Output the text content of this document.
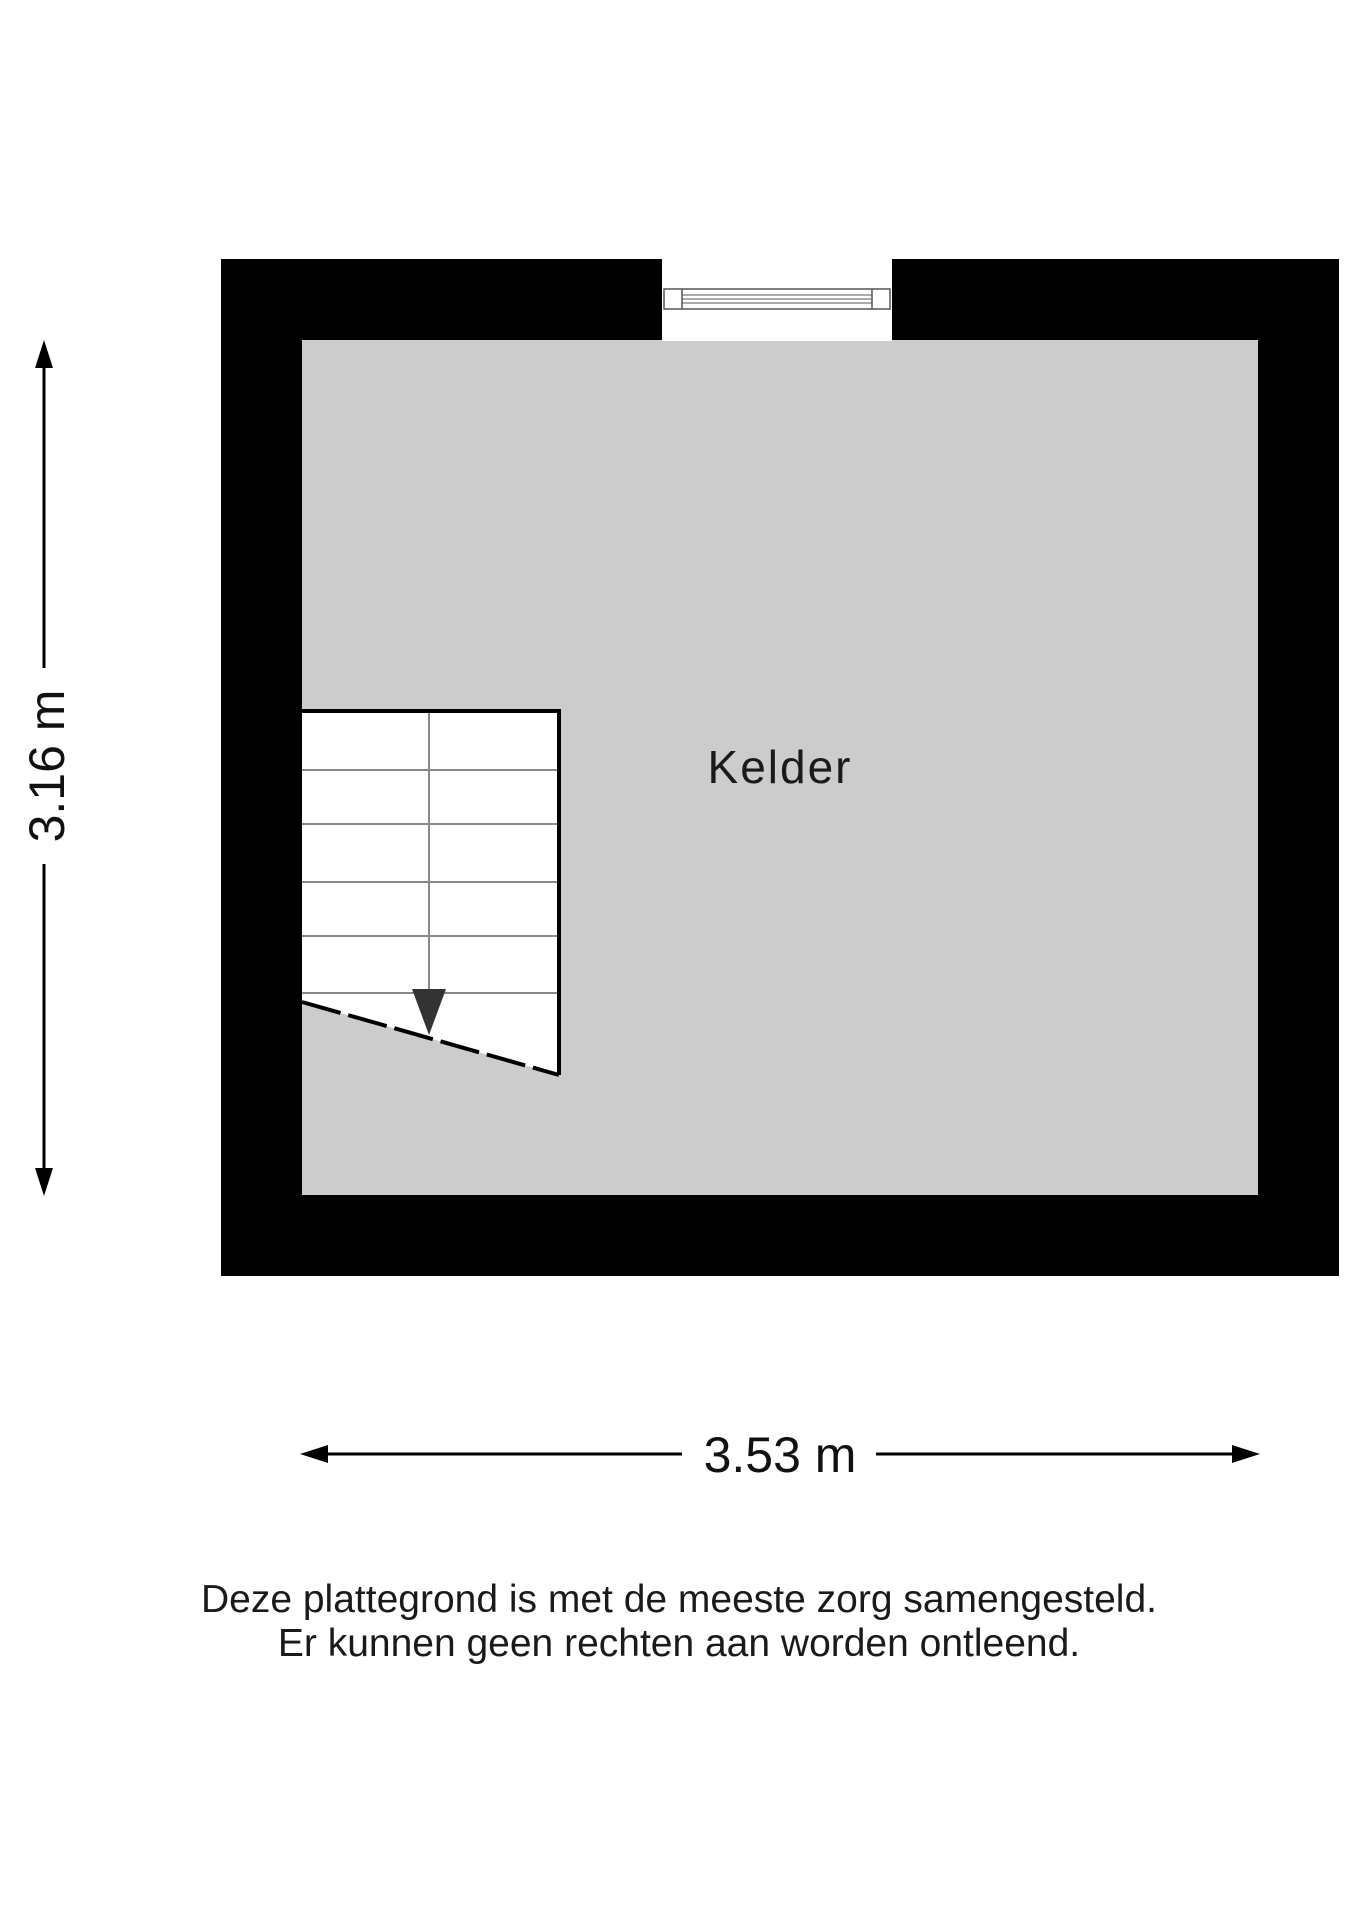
Kelder
3.16 m
3.53 m
Deze plattegrond is met de meeste zorg samengesteld.
Er kunnen geen rechten aan worden ontleend.
